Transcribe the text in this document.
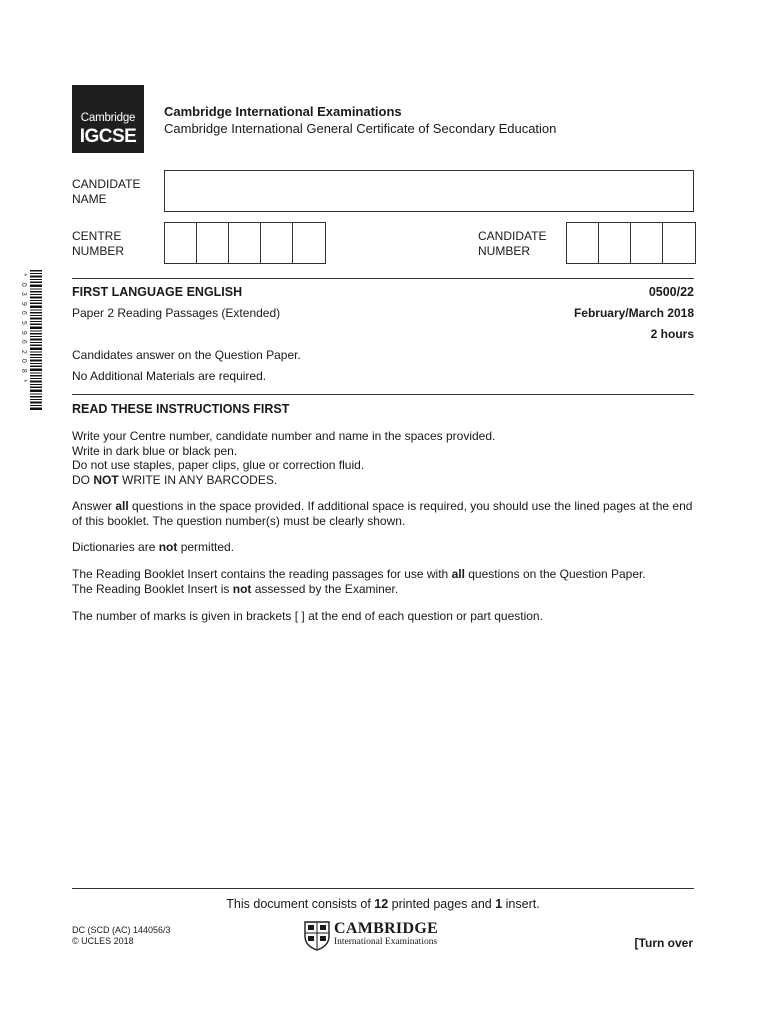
Cambridge
IGCSE
Cambridge International Examinations
Cambridge International General Certificate of Secondary Education
CANDIDATE
NAME
CENTRE
NUMBER
CANDIDATE
NUMBER
*
0
3
9
6
5
9
6
2
0
8
*
FIRST LANGUAGE ENGLISH	0500/22
Paper 2 Reading Passages (Extended)	February/March 2018
2 hours
Candidates answer on the Question Paper.
No Additional Materials are required.
READ THESE INSTRUCTIONS FIRST
Write your Centre number, candidate number and name in the spaces provided.
Write in dark blue or black pen.
Do not use staples, paper clips, glue or correction fluid.
DO NOT WRITE IN ANY BARCODES.
Answer all questions in the space provided. If additional space is required, you should use the lined pages at the end of this booklet. The question number(s) must be clearly shown.
Dictionaries are not permitted.
The Reading Booklet Insert contains the reading passages for use with all questions on the Question Paper.
The Reading Booklet Insert is not assessed by the Examiner.
The number of marks is given in brackets [ ] at the end of each question or part question.
This document consists of 12 printed pages and 1 insert.
DC (SCD (AC) 144056/3
© UCLES 2018
CAMBRIDGE
International Examinations	[Turn over
